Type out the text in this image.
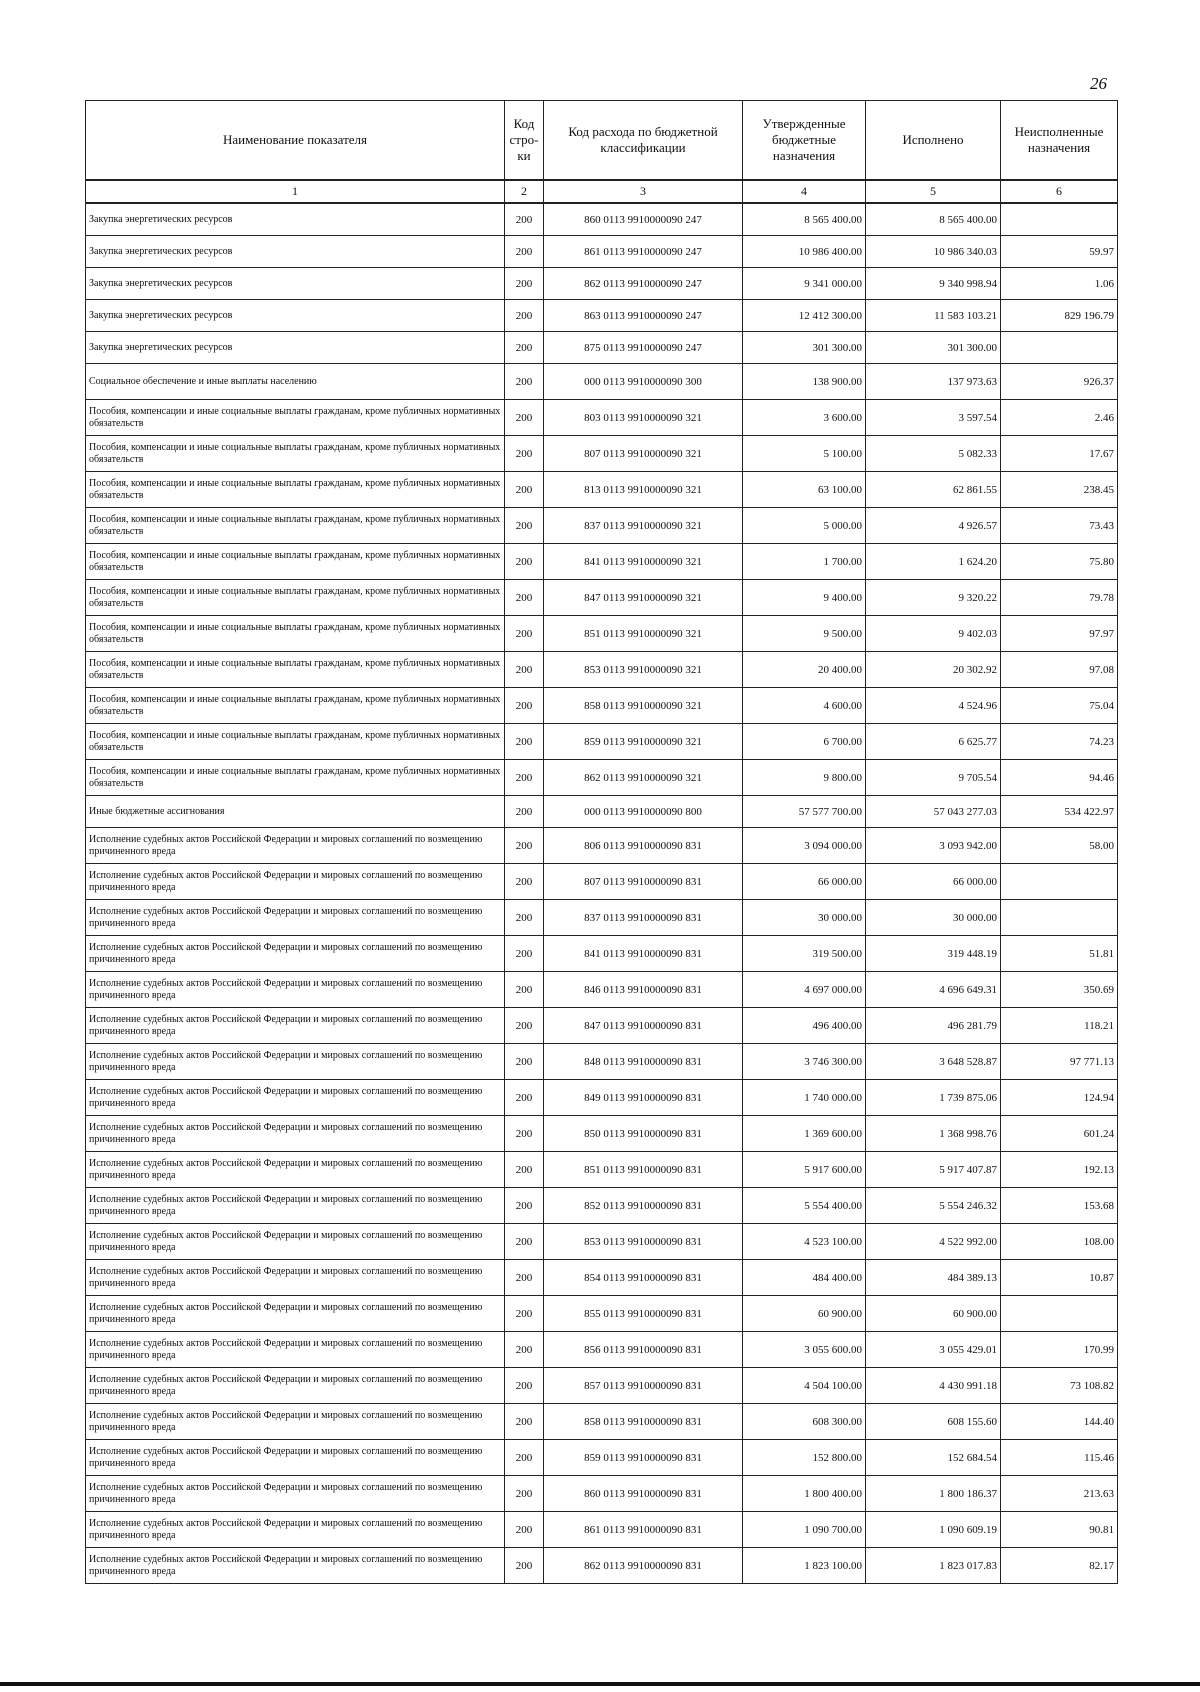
26
Наименование показателя	Код стро- ки	Код расхода по бюджетной классификации	Утвержденные бюджетные назначения	Исполнено	Неисполненные назначения
1	2	3	4	5	6
Закупка энергетических ресурсов	200	860 0113 9910000090 247	8 565 400.00	8 565 400.00	
Закупка энергетических ресурсов	200	861 0113 9910000090 247	10 986 400.00	10 986 340.03	59.97
Закупка энергетических ресурсов	200	862 0113 9910000090 247	9 341 000.00	9 340 998.94	1.06
Закупка энергетических ресурсов	200	863 0113 9910000090 247	12 412 300.00	11 583 103.21	829 196.79
Закупка энергетических ресурсов	200	875 0113 9910000090 247	301 300.00	301 300.00	
Социальное обеспечение и иные выплаты населению	200	000 0113 9910000090 300	138 900.00	137 973.63	926.37
Пособия, компенсации и иные социальные выплаты гражданам, кроме публичных нормативных обязательств	200	803 0113 9910000090 321	3 600.00	3 597.54	2.46
Пособия, компенсации и иные социальные выплаты гражданам, кроме публичных нормативных обязательств	200	807 0113 9910000090 321	5 100.00	5 082.33	17.67
Пособия, компенсации и иные социальные выплаты гражданам, кроме публичных нормативных обязательств	200	813 0113 9910000090 321	63 100.00	62 861.55	238.45
Пособия, компенсации и иные социальные выплаты гражданам, кроме публичных нормативных обязательств	200	837 0113 9910000090 321	5 000.00	4 926.57	73.43
Пособия, компенсации и иные социальные выплаты гражданам, кроме публичных нормативных обязательств	200	841 0113 9910000090 321	1 700.00	1 624.20	75.80
Пособия, компенсации и иные социальные выплаты гражданам, кроме публичных нормативных обязательств	200	847 0113 9910000090 321	9 400.00	9 320.22	79.78
Пособия, компенсации и иные социальные выплаты гражданам, кроме публичных нормативных обязательств	200	851 0113 9910000090 321	9 500.00	9 402.03	97.97
Пособия, компенсации и иные социальные выплаты гражданам, кроме публичных нормативных обязательств	200	853 0113 9910000090 321	20 400.00	20 302.92	97.08
Пособия, компенсации и иные социальные выплаты гражданам, кроме публичных нормативных обязательств	200	858 0113 9910000090 321	4 600.00	4 524.96	75.04
Пособия, компенсации и иные социальные выплаты гражданам, кроме публичных нормативных обязательств	200	859 0113 9910000090 321	6 700.00	6 625.77	74.23
Пособия, компенсации и иные социальные выплаты гражданам, кроме публичных нормативных обязательств	200	862 0113 9910000090 321	9 800.00	9 705.54	94.46
Иные бюджетные ассигнования	200	000 0113 9910000090 800	57 577 700.00	57 043 277.03	534 422.97
Исполнение судебных актов Российской Федерации и мировых соглашений по возмещению причиненного вреда	200	806 0113 9910000090 831	3 094 000.00	3 093 942.00	58.00
Исполнение судебных актов Российской Федерации и мировых соглашений по возмещению причиненного вреда	200	807 0113 9910000090 831	66 000.00	66 000.00	
Исполнение судебных актов Российской Федерации и мировых соглашений по возмещению причиненного вреда	200	837 0113 9910000090 831	30 000.00	30 000.00	
Исполнение судебных актов Российской Федерации и мировых соглашений по возмещению причиненного вреда	200	841 0113 9910000090 831	319 500.00	319 448.19	51.81
Исполнение судебных актов Российской Федерации и мировых соглашений по возмещению причиненного вреда	200	846 0113 9910000090 831	4 697 000.00	4 696 649.31	350.69
Исполнение судебных актов Российской Федерации и мировых соглашений по возмещению причиненного вреда	200	847 0113 9910000090 831	496 400.00	496 281.79	118.21
Исполнение судебных актов Российской Федерации и мировых соглашений по возмещению причиненного вреда	200	848 0113 9910000090 831	3 746 300.00	3 648 528.87	97 771.13
Исполнение судебных актов Российской Федерации и мировых соглашений по возмещению причиненного вреда	200	849 0113 9910000090 831	1 740 000.00	1 739 875.06	124.94
Исполнение судебных актов Российской Федерации и мировых соглашений по возмещению причиненного вреда	200	850 0113 9910000090 831	1 369 600.00	1 368 998.76	601.24
Исполнение судебных актов Российской Федерации и мировых соглашений по возмещению причиненного вреда	200	851 0113 9910000090 831	5 917 600.00	5 917 407.87	192.13
Исполнение судебных актов Российской Федерации и мировых соглашений по возмещению причиненного вреда	200	852 0113 9910000090 831	5 554 400.00	5 554 246.32	153.68
Исполнение судебных актов Российской Федерации и мировых соглашений по возмещению причиненного вреда	200	853 0113 9910000090 831	4 523 100.00	4 522 992.00	108.00
Исполнение судебных актов Российской Федерации и мировых соглашений по возмещению причиненного вреда	200	854 0113 9910000090 831	484 400.00	484 389.13	10.87
Исполнение судебных актов Российской Федерации и мировых соглашений по возмещению причиненного вреда	200	855 0113 9910000090 831	60 900.00	60 900.00	
Исполнение судебных актов Российской Федерации и мировых соглашений по возмещению причиненного вреда	200	856 0113 9910000090 831	3 055 600.00	3 055 429.01	170.99
Исполнение судебных актов Российской Федерации и мировых соглашений по возмещению причиненного вреда	200	857 0113 9910000090 831	4 504 100.00	4 430 991.18	73 108.82
Исполнение судебных актов Российской Федерации и мировых соглашений по возмещению причиненного вреда	200	858 0113 9910000090 831	608 300.00	608 155.60	144.40
Исполнение судебных актов Российской Федерации и мировых соглашений по возмещению причиненного вреда	200	859 0113 9910000090 831	152 800.00	152 684.54	115.46
Исполнение судебных актов Российской Федерации и мировых соглашений по возмещению причиненного вреда	200	860 0113 9910000090 831	1 800 400.00	1 800 186.37	213.63
Исполнение судебных актов Российской Федерации и мировых соглашений по возмещению причиненного вреда	200	861 0113 9910000090 831	1 090 700.00	1 090 609.19	90.81
Исполнение судебных актов Российской Федерации и мировых соглашений по возмещению причиненного вреда	200	862 0113 9910000090 831	1 823 100.00	1 823 017.83	82.17
